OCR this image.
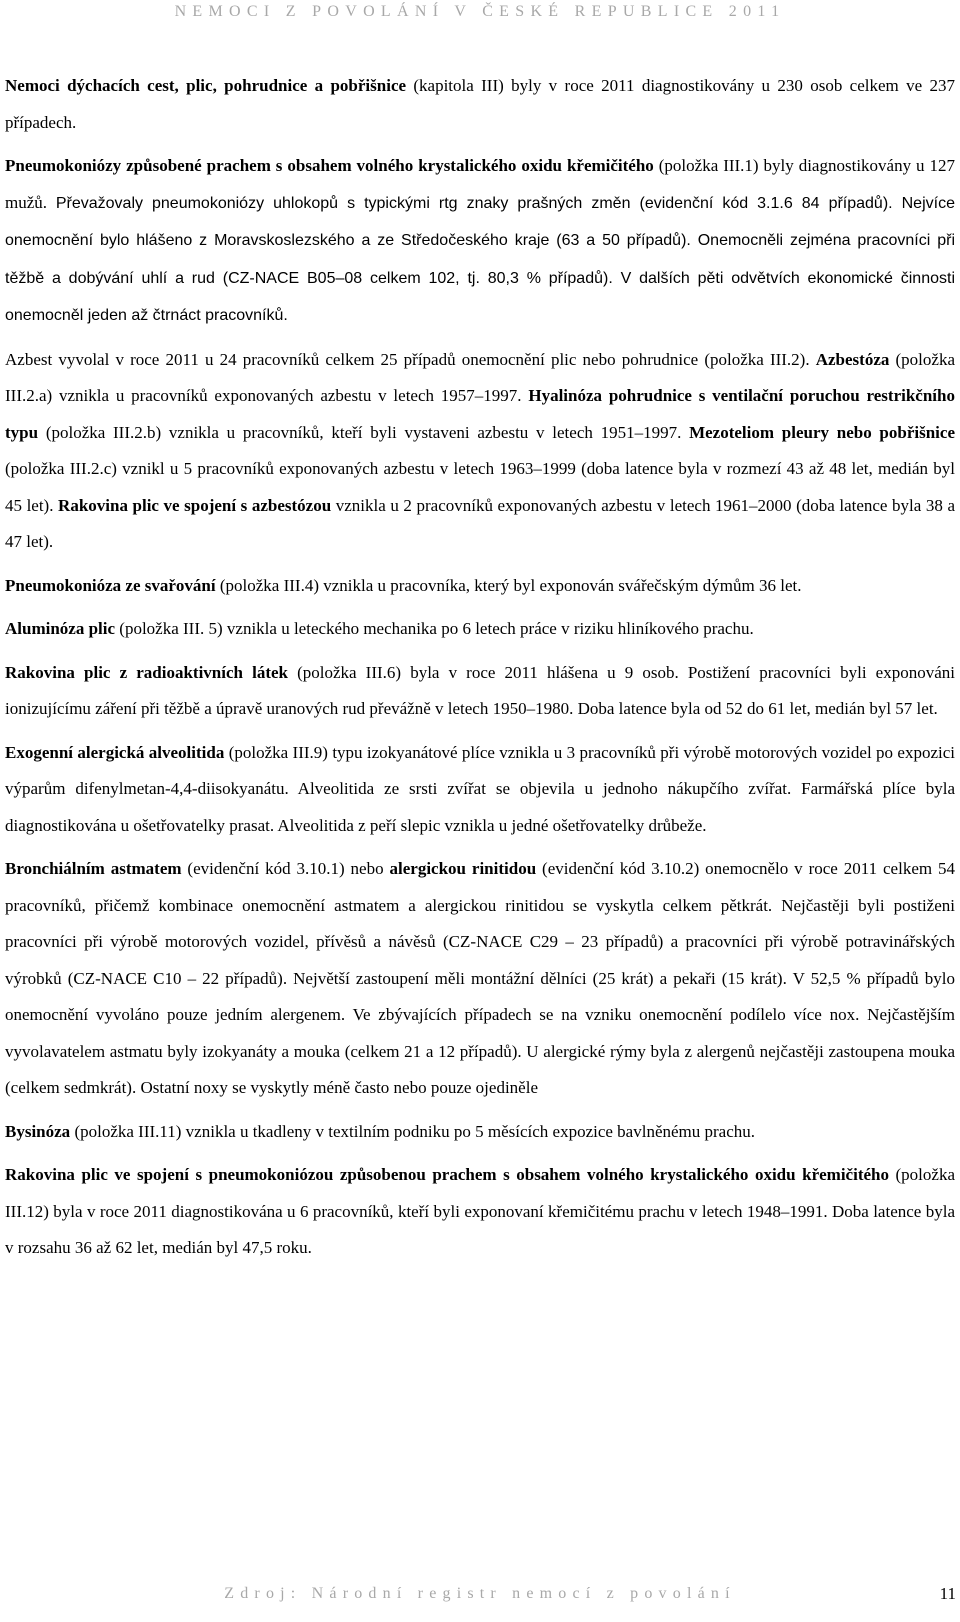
NEMOCI Z POVOLÁNÍ V ČESKÉ REPUBLICE 2011

Nemoci dýchacích cest, plic, pohrudnice a pobřišnice (kapitola III) byly v roce 2011 diagnostikovány u 230 osob celkem ve 237 případech.

Pneumokoniózy způsobené prachem s obsahem volného krystalického oxidu křemičitého (položka III.1) byly diagnostikovány u 127 mužů. Převažovaly pneumokoniózy uhlokopů s typickými rtg znaky prašných změn (evidenční kód 3.1.6 84 případů). Nejvíce onemocnění bylo hlášeno z Moravskoslezského a ze Středočeského kraje (63 a 50 případů). Onemocněli zejména pracovníci při těžbě a dobývání uhlí a rud (CZ-NACE B05–08 celkem 102, tj. 80,3 % případů). V dalších pěti odvětvích ekonomické činnosti onemocněl jeden až čtrnáct pracovníků.

Azbest vyvolal v roce 2011 u 24 pracovníků celkem 25 případů onemocnění plic nebo pohrudnice (položka III.2). Azbestóza (položka III.2.a) vznikla u pracovníků exponovaných azbestu v letech 1957–1997. Hyalinóza pohrudnice s ventilační poruchou restrikčního typu (položka III.2.b) vznikla u pracovníků, kteří byli vystaveni azbestu v letech 1951–1997. Mezoteliom pleury nebo pobřišnice (položka III.2.c) vznikl u 5 pracovníků exponovaných azbestu v letech 1963–1999 (doba latence byla v rozmezí 43 až 48 let, medián byl 45 let). Rakovina plic ve spojení s azbestózou vznikla u 2 pracovníků exponovaných azbestu v letech 1961–2000 (doba latence byla 38 a 47 let).

Pneumokonióza ze svařování (položka III.4) vznikla u pracovníka, který byl exponován svářečským dýmům 36 let.

Aluminóza plic (položka III. 5) vznikla u leteckého mechanika po 6 letech práce v riziku hliníkového prachu.

Rakovina plic z radioaktivních látek (položka III.6) byla v roce 2011 hlášena u 9 osob. Postižení pracovníci byli exponováni ionizujícímu záření při těžbě a úpravě uranových rud převážně v letech 1950–1980. Doba latence byla od 52 do 61 let, medián byl 57 let.

Exogenní alergická alveolitida (položka III.9) typu izokyanátové plíce vznikla u 3 pracovníků při výrobě motorových vozidel po expozici výparům difenylmetan-4,4-diisokyanátu. Alveolitida ze srsti zvířat se objevila u jednoho nákupčího zvířat. Farmářská plíce byla diagnostikována u ošetřovatelky prasat. Alveolitida z peří slepic vznikla u jedné ošetřovatelky drůbeže.

Bronchiálním astmatem (evidenční kód 3.10.1) nebo alergickou rinitidou (evidenční kód 3.10.2) onemocnělo v roce 2011 celkem 54 pracovníků, přičemž kombinace onemocnění astmatem a alergickou rinitidou se vyskytla celkem pětkrát. Nejčastěji byli postiženi pracovníci při výrobě motorových vozidel, přívěsů a návěsů (CZ-NACE C29 – 23 případů) a pracovníci při výrobě potravinářských výrobků (CZ-NACE C10 – 22 případů). Největší zastoupení měli montážní dělníci (25 krát) a pekaři (15 krát). V 52,5 % případů bylo onemocnění vyvoláno pouze jedním alergenem. Ve zbývajících případech se na vzniku onemocnění podílelo více nox. Nejčastějším vyvolavatelem astmatu byly izokyanáty a mouka (celkem 21 a 12 případů). U alergické rýmy byla z alergenů nejčastěji zastoupena mouka (celkem sedmkrát). Ostatní noxy se vyskytly méně často nebo pouze ojediněle

Bysinóza (položka III.11) vznikla u tkadleny v textilním podniku po 5 měsících expozice bavlněnému prachu.

Rakovina plic ve spojení s pneumokoniózou způsobenou prachem s obsahem volného krystalického oxidu křemičitého (položka III.12) byla v roce 2011 diagnostikována u 6 pracovníků, kteří byli exponovaní křemičitému prachu v letech 1948–1991. Doba latence byla v rozsahu 36 až 62 let, medián byl 47,5 roku.

Zdroj: Národní registr nemocí z povolání	11
